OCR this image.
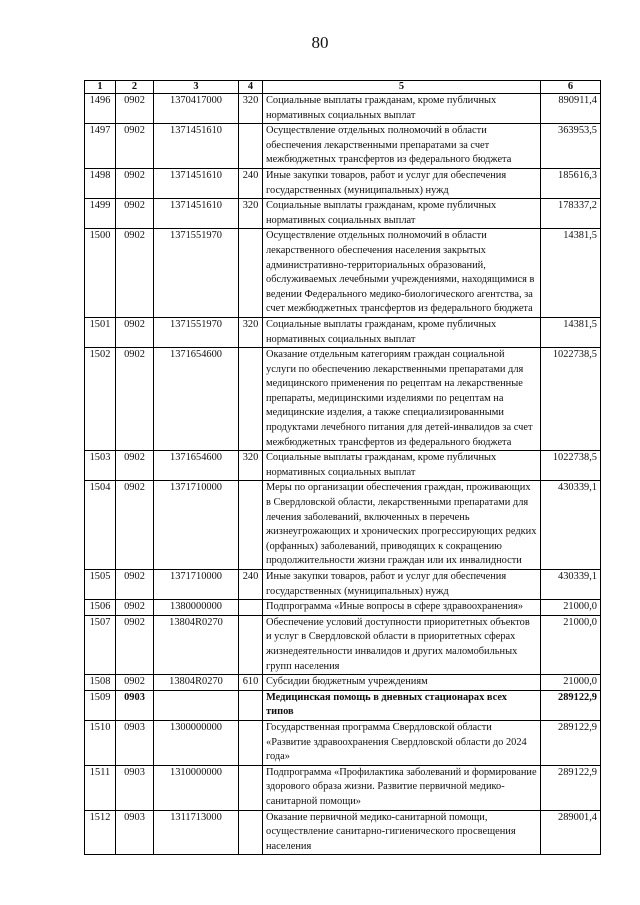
80
1	2	3	4	5	6
1496	0902	1370417000	320	Социальные выплаты гражданам, кроме публичных нормативных социальных выплат	890911,4
1497	0902	1371451610		Осуществление отдельных полномочий в области обеспечения лекарственными препаратами за счет межбюджетных трансфертов из федерального бюджета	363953,5
1498	0902	1371451610	240	Иные закупки товаров, работ и услуг для обеспечения государственных (муниципальных) нужд	185616,3
1499	0902	1371451610	320	Социальные выплаты гражданам, кроме публичных нормативных социальных выплат	178337,2
1500	0902	1371551970		Осуществление отдельных полномочий в области лекарственного обеспечения населения закрытых административно-территориальных образований, обслуживаемых лечебными учреждениями, находящимися в ведении Федерального медико-биологического агентства, за счет межбюджетных трансфертов из федерального бюджета	14381,5
1501	0902	1371551970	320	Социальные выплаты гражданам, кроме публичных нормативных социальных выплат	14381,5
1502	0902	1371654600		Оказание отдельным категориям граждан социальной услуги по обеспечению лекарственными препаратами для медицинского применения по рецептам на лекарственные препараты, медицинскими изделиями по рецептам на медицинские изделия, а также специализированными продуктами лечебного питания для детей-инвалидов за счет межбюджетных трансфертов из федерального бюджета	1022738,5
1503	0902	1371654600	320	Социальные выплаты гражданам, кроме публичных нормативных социальных выплат	1022738,5
1504	0902	1371710000		Меры по организации обеспечения граждан, проживающих в Свердловской области, лекарственными препаратами для лечения заболеваний, включенных в перечень жизнеугрожающих и хронических прогрессирующих редких (орфанных) заболеваний, приводящих к сокращению продолжительности жизни граждан или их инвалидности	430339,1
1505	0902	1371710000	240	Иные закупки товаров, работ и услуг для обеспечения государственных (муниципальных) нужд	430339,1
1506	0902	1380000000		Подпрограмма «Иные вопросы в сфере здравоохранения»	21000,0
1507	0902	13804R0270		Обеспечение условий доступности приоритетных объектов и услуг в Свердловской области в приоритетных сферах жизнедеятельности инвалидов и других маломобильных групп населения	21000,0
1508	0902	13804R0270	610	Субсидии бюджетным учреждениям	21000,0
1509	0903			Медицинская помощь в дневных стационарах всех типов	289122,9
1510	0903	1300000000		Государственная программа Свердловской области «Развитие здравоохранения Свердловской области до 2024 года»	289122,9
1511	0903	1310000000		Подпрограмма «Профилактика заболеваний и формирование здорового образа жизни. Развитие первичной медико-санитарной помощи»	289122,9
1512	0903	1311713000		Оказание первичной медико-санитарной помощи, осуществление санитарно-гигиенического просвещения населения	289001,4
